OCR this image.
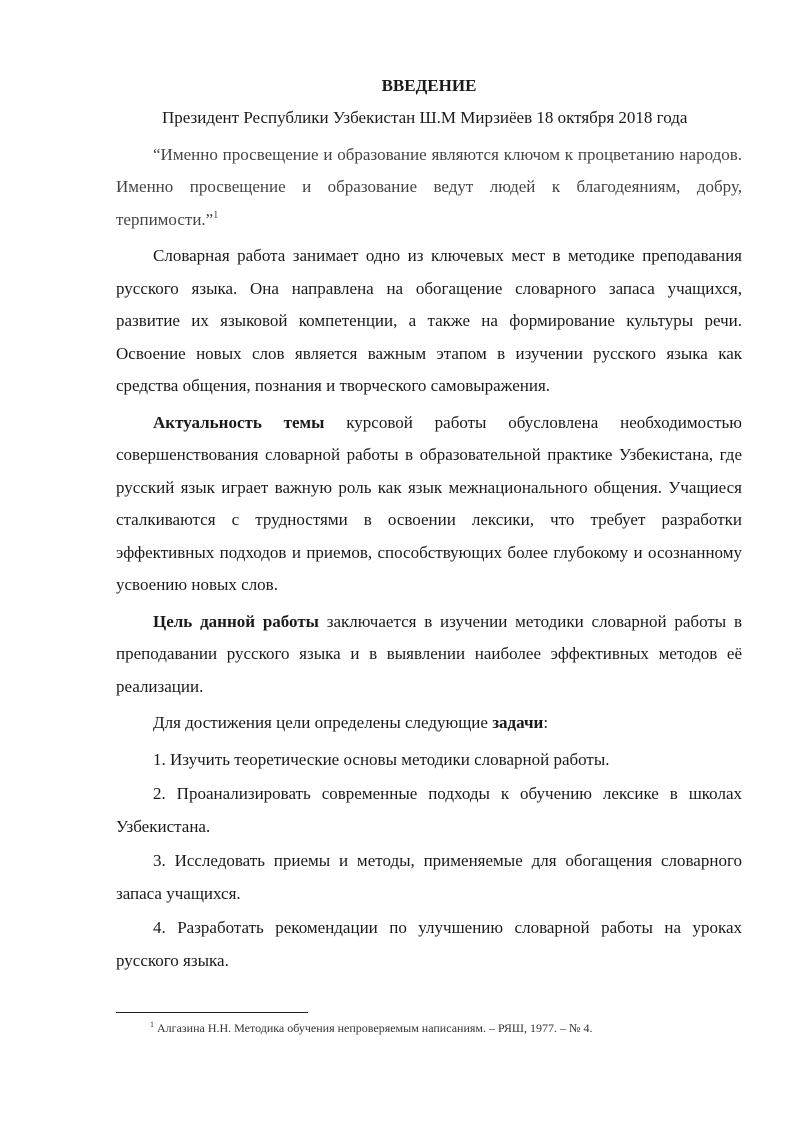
ВВЕДЕНИЕ

Президент Республики Узбекистан Ш.М Мирзиёев 18 октября 2018 года

“Именно просвещение и образование являются ключом к процветанию народов. Именно просвещение и образование ведут людей к благодеяниям, добру, терпимости.”$^1$

Словарная работа занимает одно из ключевых мест в методике преподавания русского языка. Она направлена на обогащение словарного запаса учащихся, развитие их языковой компетенции, а также на формирование культуры речи. Освоение новых слов является важным этапом в изучении русского языка как средства общения, познания и творческого самовыражения.

Актуальность темы курсовой работы обусловлена необходимостью совершенствования словарной работы в образовательной практике Узбекистана, где русский язык играет важную роль как язык межнационального общения. Учащиеся сталкиваются с трудностями в освоении лексики, что требует разработки эффективных подходов и приемов, способствующих более глубокому и осознанному усвоению новых слов.

Цель данной работы заключается в изучении методики словарной работы в преподавании русского языка и в выявлении наиболее эффективных методов её реализации.

Для достижения цели определены следующие задачи:

1. Изучить теоретические основы методики словарной работы.

2. Проанализировать современные подходы к обучению лексике в школах Узбекистана.

3. Исследовать приемы и методы, применяемые для обогащения словарного запаса учащихся.

4. Разработать рекомендации по улучшению словарной работы на уроках русского языка.

$^1$ Алгазина Н.Н. Методика обучения непроверяемым написаниям. – РЯШ, 1977. – № 4.
